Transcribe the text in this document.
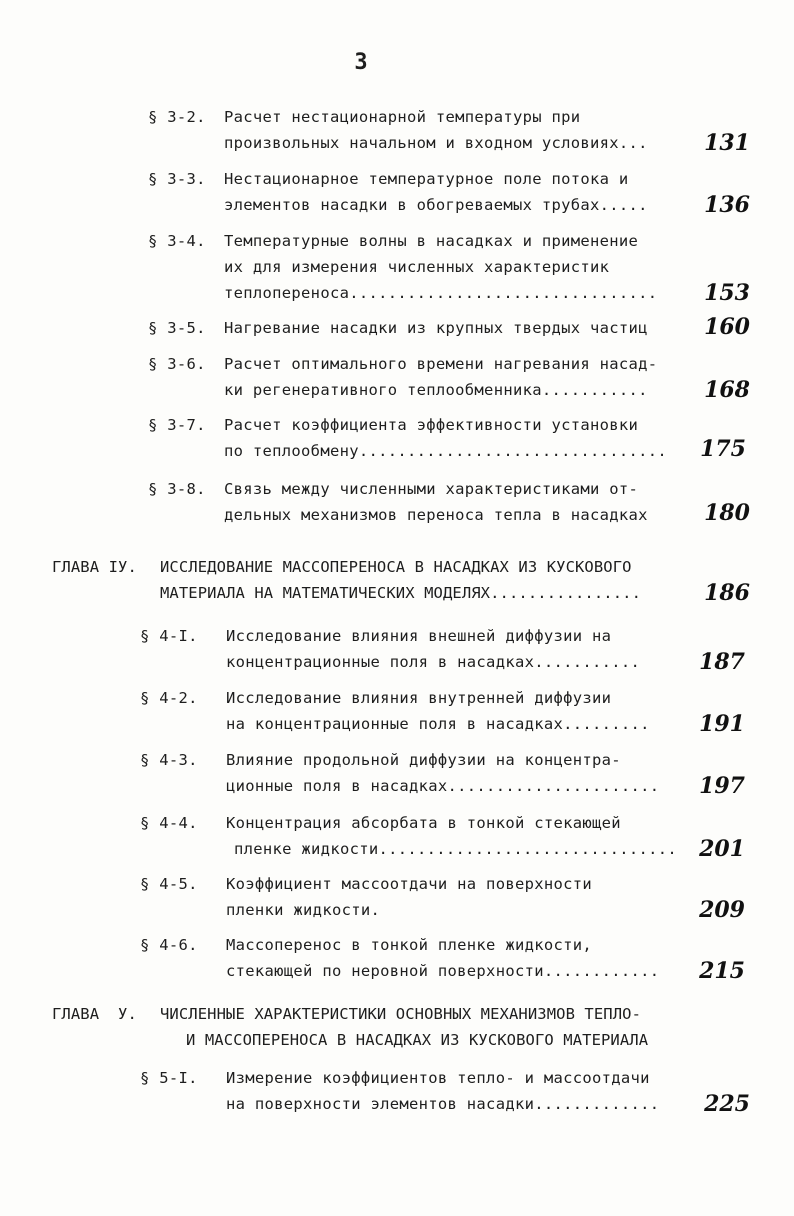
3
§ 3-2. Расчет нестационарной температуры при
произвольных начальном и входном условиях...	131
§ 3-3. Нестационарное температурное поле потока и
элементов насадки в обогреваемых трубах.....	136
§ 3-4. Температурные волны в насадках и применение
их для измерения численных характеристик
теплопереноса................................	153
§ 3-5. Нагревание насадки из крупных твердых частиц	160
§ 3-6. Расчет оптимального времени нагревания насад-
ки регенеративного теплообменника...........	168
§ 3-7. Расчет коэффициента эффективности установки
по теплообмену................................	175
§ 3-8. Связь между численными характеристиками от-
дельных механизмов переноса тепла в насадках	180
ГЛАВА IУ. ИССЛЕДОВАНИЕ МАССОПЕРЕНОСА В НАСАДКАХ ИЗ КУСКОВОГО
МАТЕРИАЛА НА МАТЕМАТИЧЕСКИХ МОДЕЛЯХ................	186
§ 4-I. Исследование влияния внешней диффузии на
концентрационные поля в насадках...........	187
§ 4-2. Исследование влияния внутренней диффузии
на концентрационные поля в насадках.........	191
§ 4-3. Влияние продольной диффузии на концентра-
ционные поля в насадках......................	197
§ 4-4. Концентрация абсорбата в тонкой стекающей
пленке жидкости...............................	201
§ 4-5. Коэффициент массоотдачи на поверхности
пленки жидкости.	209
§ 4-6. Массоперенос в тонкой пленке жидкости,
стекающей по неровной поверхности............	215
ГЛАВА  У. ЧИСЛЕННЫЕ ХАРАКТЕРИСТИКИ ОСНОВНЫХ МЕХАНИЗМОВ ТЕПЛО-
И МАССОПЕРЕНОСА В НАСАДКАХ ИЗ КУСКОВОГО МАТЕРИАЛА
§ 5-I. Измерение коэффициентов тепло- и массоотдачи
на поверхности элементов насадки.............	225
